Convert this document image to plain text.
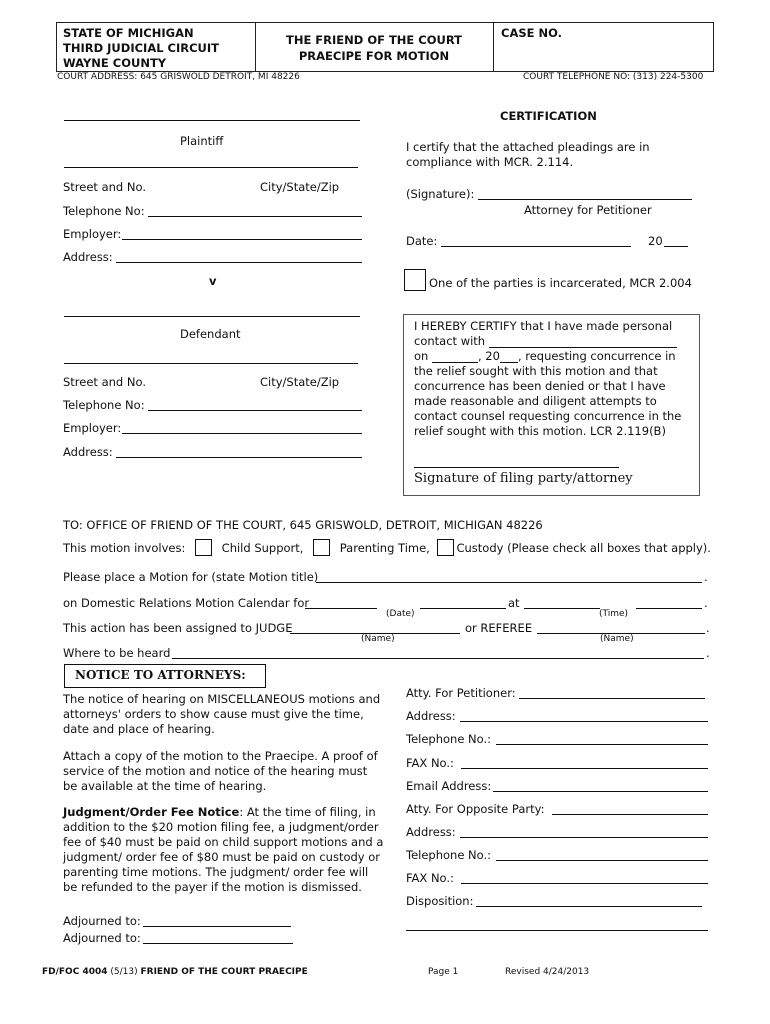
STATE OF MICHIGAN
THIRD JUDICIAL CIRCUIT
WAYNE COUNTY
THE FRIEND OF THE COURT
PRAECIPE FOR MOTION
CASE NO.
COURT ADDRESS: 645 GRISWOLD DETROIT, MI 48226	COURT TELEPHONE NO: (313) 224-5300
Plaintiff
Street and No.	City/State/Zip
Telephone No:
Employer:
Address:
v
Defendant
Street and No.	City/State/Zip
Telephone No:
Employer:
Address:
CERTIFICATION
I certify that the attached pleadings are in
compliance with MCR. 2.114.
(Signature):
Attorney for Petitioner
Date:	20
One of the parties is incarcerated, MCR 2.004
I HEREBY CERTIFY that I have made personal
contact with
on	, 20 , requesting concurrence in
the relief sought with this motion and that
concurrence has been denied or that I have
made reasonable and diligent attempts to
contact counsel requesting concurrence in the
relief sought with this motion. LCR 2.119(B)
Signature of filing party/attorney
TO: OFFICE OF FRIEND OF THE COURT, 645 GRISWOLD, DETROIT, MICHIGAN 48226
This motion involves:	Child Support,	Parenting Time, Custody (Please check all boxes that apply).
Please place a Motion for (state Motion title)	.
on Domestic Relations Motion Calendar for	at	.
(Date)	(Time)
This action has been assigned to JUDGE	or REFEREE	.
(Name)	(Name)
Where to be heard	.
NOTICE TO ATTORNEYS:
The notice of hearing on MISCELLANEOUS motions and attorneys' orders to show cause must give the time, date and place of hearing.
Attach a copy of the motion to the Praecipe. A proof of service of the motion and notice of the hearing must be available at the time of hearing.
Judgment/Order Fee Notice: At the time of filing, in addition to the $20 motion filing fee, a judgment/order fee of $40 must be paid on child support motions and a judgment/ order fee of $80 must be paid on custody or parenting time motions. The judgment/ order fee will be refunded to the payer if the motion is dismissed.
Adjourned to:
Adjourned to:
Atty. For Petitioner:
Address:
Telephone No.:
FAX No.:
Email Address:
Atty. For Opposite Party:
Address:
Telephone No.:
FAX No.:
Disposition:
FD/FOC 4004 (5/13) FRIEND OF THE COURT PRAECIPE	Page 1	Revised 4/24/2013
